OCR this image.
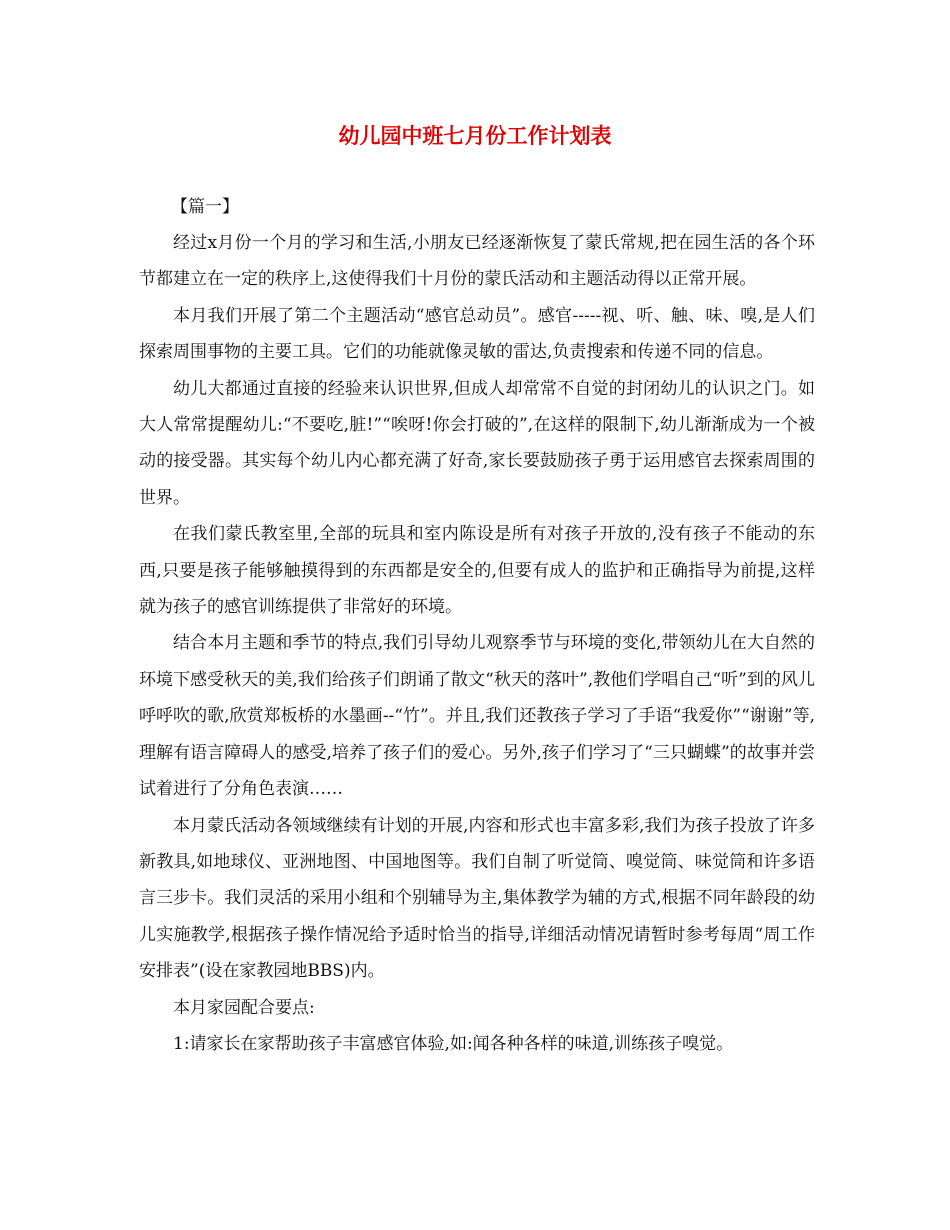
幼儿园中班七月份工作计划表

【篇一】

经过x月份一个月的学习和生活,小朋友已经逐渐恢复了蒙氏常规,把在园生活的各个环节都建立在一定的秩序上,这使得我们十月份的蒙氏活动和主题活动得以正常开展。

本月我们开展了第二个主题活动“感官总动员”。感官-----视、听、触、味、嗅,是人们探索周围事物的主要工具。它们的功能就像灵敏的雷达,负责搜索和传递不同的信息。

幼儿大都通过直接的经验来认识世界,但成人却常常不自觉的封闭幼儿的认识之门。如大人常常提醒幼儿:“不要吃,脏!”“唉呀!你会打破的”,在这样的限制下,幼儿渐渐成为一个被动的接受器。其实每个幼儿内心都充满了好奇,家长要鼓励孩子勇于运用感官去探索周围的世界。

在我们蒙氏教室里,全部的玩具和室内陈设是所有对孩子开放的,没有孩子不能动的东西,只要是孩子能够触摸得到的东西都是安全的,但要有成人的监护和正确指导为前提,这样就为孩子的感官训练提供了非常好的环境。

结合本月主题和季节的特点,我们引导幼儿观察季节与环境的变化,带领幼儿在大自然的环境下感受秋天的美,我们给孩子们朗诵了散文“秋天的落叶”,教他们学唱自己“听”到的风儿呼呼吹的歌,欣赏郑板桥的水墨画--“竹”。并且,我们还教孩子学习了手语“我爱你”“谢谢”等,理解有语言障碍人的感受,培养了孩子们的爱心。另外,孩子们学习了“三只蝴蝶”的故事并尝试着进行了分角色表演……

本月蒙氏活动各领域继续有计划的开展,内容和形式也丰富多彩,我们为孩子投放了许多新教具,如地球仪、亚洲地图、中国地图等。我们自制了听觉筒、嗅觉筒、味觉筒和许多语言三步卡。我们灵活的采用小组和个别辅导为主,集体教学为辅的方式,根据不同年龄段的幼儿实施教学,根据孩子操作情况给予适时恰当的指导,详细活动情况请暂时参考每周“周工作安排表”(设在家教园地BBS)内。

本月家园配合要点:

1:请家长在家帮助孩子丰富感官体验,如:闻各种各样的味道,训练孩子嗅觉。
